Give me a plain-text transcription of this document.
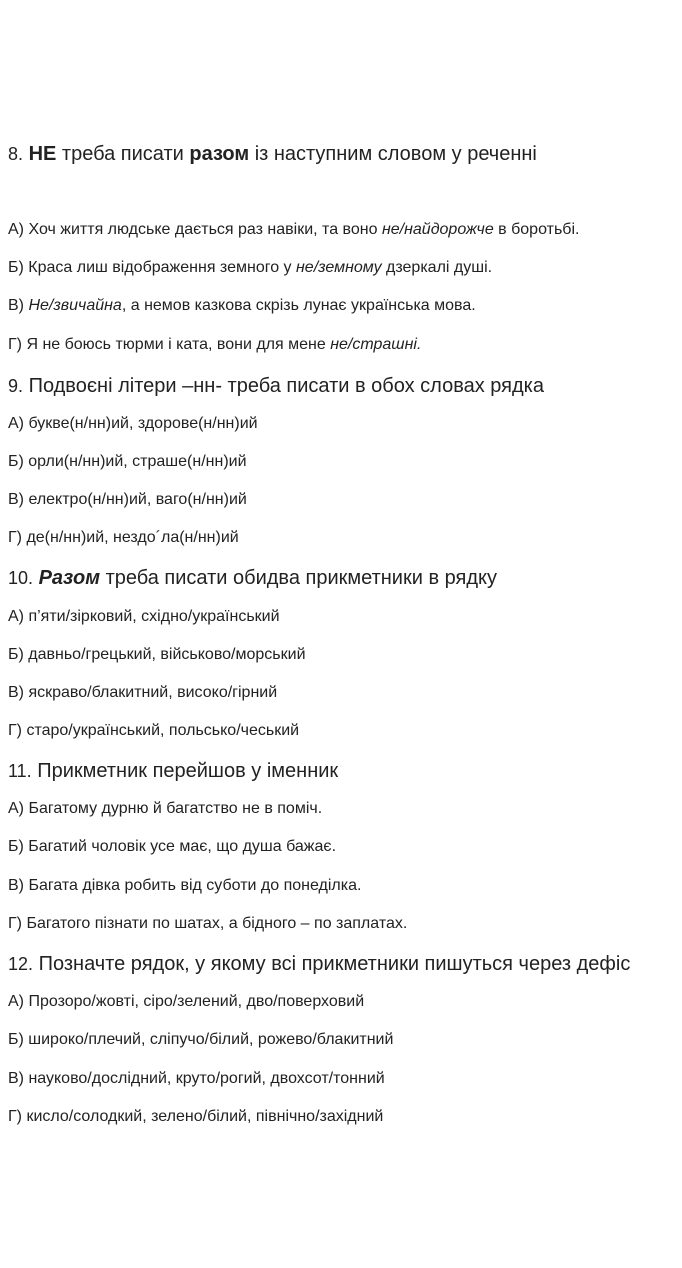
8. НЕ треба писати разом із наступним словом у реченні
А) Хоч життя людське дається раз навіки, та воно не/найдорожче в боротьбі.
Б) Краса лиш відображення земного у не/земному дзеркалі душі.
В) Не/звичайна, а немов казкова скрізь лунає українська мова.
Г) Я не боюсь тюрми і ката, вони для мене не/страшні.
9. Подвоєні літери –нн- треба писати в обох словах рядка
А) букве(н/нн)ий, здорове(н/нн)ий
Б) орли(н/нн)ий, страше(н/нн)ий
В) електро(н/нн)ий, ваго(н/нн)ий
Г) де(н/нн)ий, нездо´ла(н/нн)ий
10. Разом треба писати обидва прикметники в рядку
А) п’яти/зірковий, східно/український
Б) давньо/грецький, військово/морський
В) яскраво/блакитний, високо/гірний
Г) старо/український, польсько/чеський
11. Прикметник перейшов у іменник
А) Багатому дурню й багатство не в поміч.
Б) Багатий чоловік усе має, що душа бажає.
В) Багата дівка робить від суботи до понеділка.
Г) Багатого пізнати по шатах, а бідного – по заплатах.
12. Позначте рядок, у якому всі прикметники пишуться через дефіс
А) Прозоро/жовті, сіро/зелений, дво/поверховий
Б) широко/плечий, сліпучо/білий, рожево/блакитний
В) науково/дослідний, круто/рогий, двохсот/тонний
Г) кисло/солодкий, зелено/білий, північно/західний
